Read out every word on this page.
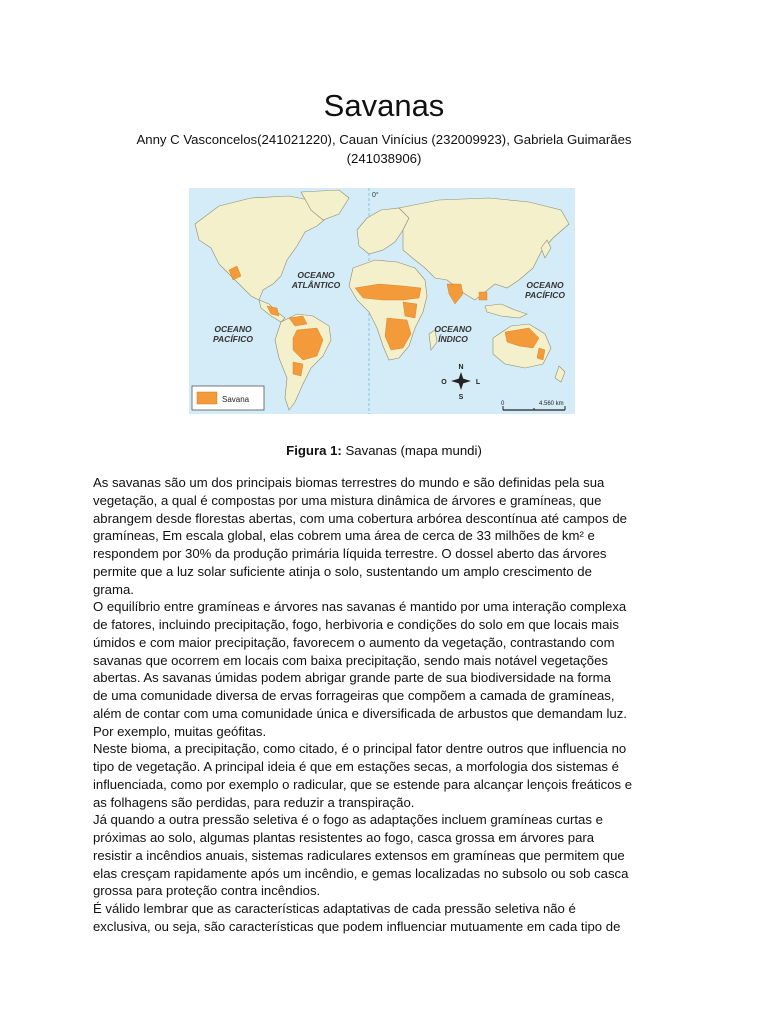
Savanas
Anny C Vasconcelos(241021220), Cauan Vinícius (232009923), Gabriela Guimarães
(241038906)
0°
OCEANO
ATLÂNTICO	OCEANO
PACÍFICO
OCEANO
PACÍFICO
OCEANO
ÍNDICO
Savana
N
S
O	L
0	4.560 km
Figura 1: Savanas (mapa mundi)
As savanas são um dos principais biomas terrestres do mundo e são definidas pela sua
vegetação, a qual é compostas por uma mistura dinâmica de árvores e gramíneas, que
abrangem desde florestas abertas, com uma cobertura arbórea descontínua até campos de
gramíneas, Em escala global, elas cobrem uma área de cerca de 33 milhões de km² e
respondem por 30% da produção primária líquida terrestre. O dossel aberto das árvores
permite que a luz solar suficiente atinja o solo, sustentando um amplo crescimento de
grama.
O equilíbrio entre gramíneas e árvores nas savanas é mantido por uma interação complexa
de fatores, incluindo precipitação, fogo, herbivoria e condições do solo em que locais mais
úmidos e com maior precipitação, favorecem o aumento da vegetação, contrastando com
savanas que ocorrem em locais com baixa precipitação, sendo mais notável vegetações
abertas. As savanas úmidas podem abrigar grande parte de sua biodiversidade na forma
de uma comunidade diversa de ervas forrageiras que compõem a camada de gramíneas,
além de contar com uma comunidade única e diversificada de arbustos que demandam luz.
Por exemplo, muitas geófitas.
Neste bioma, a precipitação, como citado, é o principal fator dentre outros que influencia no
tipo de vegetação. A principal ideia é que em estações secas, a morfologia dos sistemas é
influenciada, como por exemplo o radicular, que se estende para alcançar lençois freáticos e
as folhagens são perdidas, para reduzir a transpiração.
Já quando a outra pressão seletiva é o fogo as adaptações incluem gramíneas curtas e
próximas ao solo, algumas plantas resistentes ao fogo, casca grossa em árvores para
resistir a incêndios anuais, sistemas radiculares extensos em gramíneas que permitem que
elas cresçam rapidamente após um incêndio, e gemas localizadas no subsolo ou sob casca
grossa para proteção contra incêndios.
É válido lembrar que as características adaptativas de cada pressão seletiva não é
exclusiva, ou seja, são características que podem influenciar mutuamente em cada tipo de
